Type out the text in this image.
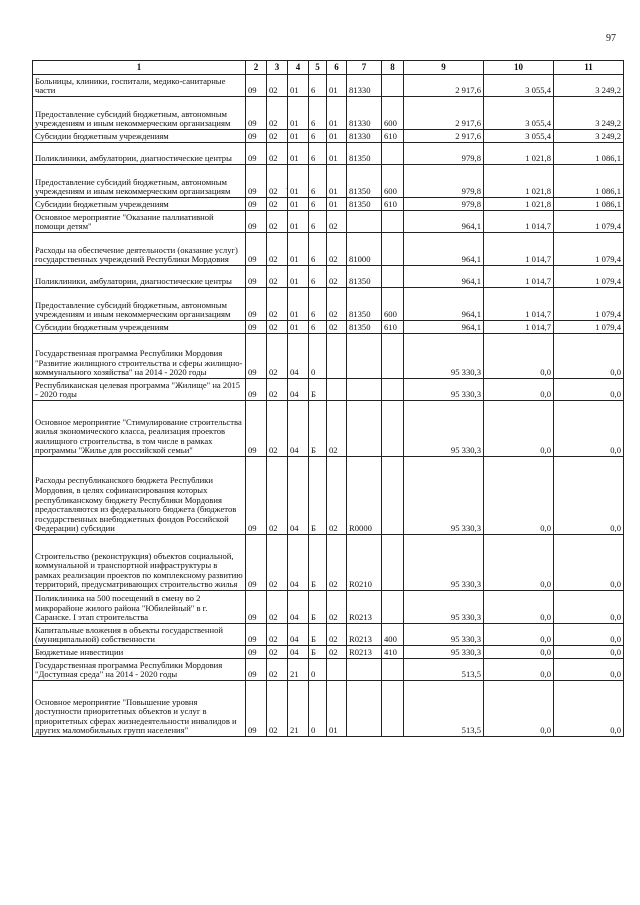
97
1	2	3	4	5	6	7	8	9	10	11
Больницы, клиники, госпитали, медико-санитарные части	09	02	01	6	01	81330		2 917,6	3 055,4	3 249,2
Предоставление субсидий бюджетным, автономным учреждениям и иным некоммерческим организациям	09	02	01	6	01	81330	600	2 917,6	3 055,4	3 249,2
Субсидии бюджетным учреждениям	09	02	01	6	01	81330	610	2 917,6	3 055,4	3 249,2
Поликлиники, амбулатории, диагностические центры	09	02	01	6	01	81350		979,8	1 021,8	1 086,1
Предоставление субсидий бюджетным, автономным учреждениям и иным некоммерческим организациям	09	02	01	6	01	81350	600	979,8	1 021,8	1 086,1
Субсидии бюджетным учреждениям	09	02	01	6	01	81350	610	979,8	1 021,8	1 086,1
Основное мероприятие "Оказание паллиативной помощи детям"	09	02	01	6	02			964,1	1 014,7	1 079,4
Расходы на обеспечение деятельности (оказание услуг) государственных учреждений Республики Мордовия	09	02	01	6	02	81000		964,1	1 014,7	1 079,4
Поликлиники, амбулатории, диагностические центры	09	02	01	6	02	81350		964,1	1 014,7	1 079,4
Предоставление субсидий бюджетным, автономным учреждениям и иным некоммерческим организациям	09	02	01	6	02	81350	600	964,1	1 014,7	1 079,4
Субсидии бюджетным учреждениям	09	02	01	6	02	81350	610	964,1	1 014,7	1 079,4
Государственная программа Республики Мордовия "Развитие жилищного строительства и сферы жилищно-коммунального хозяйства" на 2014 - 2020 годы	09	02	04	0				95 330,3	0,0	0,0
Республиканская целевая программа "Жилище" на 2015 - 2020 годы	09	02	04	Б				95 330,3	0,0	0,0
Основное мероприятие "Стимулирование строительства жилья экономического класса, реализация проектов жилищного строительства, в том числе в рамках программы "Жилье для российской семьи"	09	02	04	Б	02			95 330,3	0,0	0,0
Расходы республиканского бюджета Республики Мордовия, в целях софинансирования которых республиканскому бюджету Республики Мордовия предоставляются из федерального бюджета (бюджетов государственных внебюджетных фондов Российской Федерации) субсидии	09	02	04	Б	02	R0000		95 330,3	0,0	0,0
Строительство (реконструкция) объектов социальной, коммунальной и транспортной инфраструктуры в рамках реализации проектов по комплексному развитию территорий, предусматривающих строительство жилья	09	02	04	Б	02	R0210		95 330,3	0,0	0,0
Поликлиника на 500 посещений в смену во 2 микрорайоне жилого района "Юбилейный" в г. Саранске. I этап строительства	09	02	04	Б	02	R0213		95 330,3	0,0	0,0
Капитальные вложения в объекты государственной (муниципальной) собственности	09	02	04	Б	02	R0213	400	95 330,3	0,0	0,0
Бюджетные инвестиции	09	02	04	Б	02	R0213	410	95 330,3	0,0	0,0
Государственная программа Республики Мордовия "Доступная среда" на 2014 - 2020 годы	09	02	21	0				513,5	0,0	0,0
Основное мероприятие "Повышение уровня доступности приоритетных объектов и услуг в приоритетных сферах жизнедеятельности инвалидов и других маломобильных групп населения"	09	02	21	0	01			513,5	0,0	0,0
·
